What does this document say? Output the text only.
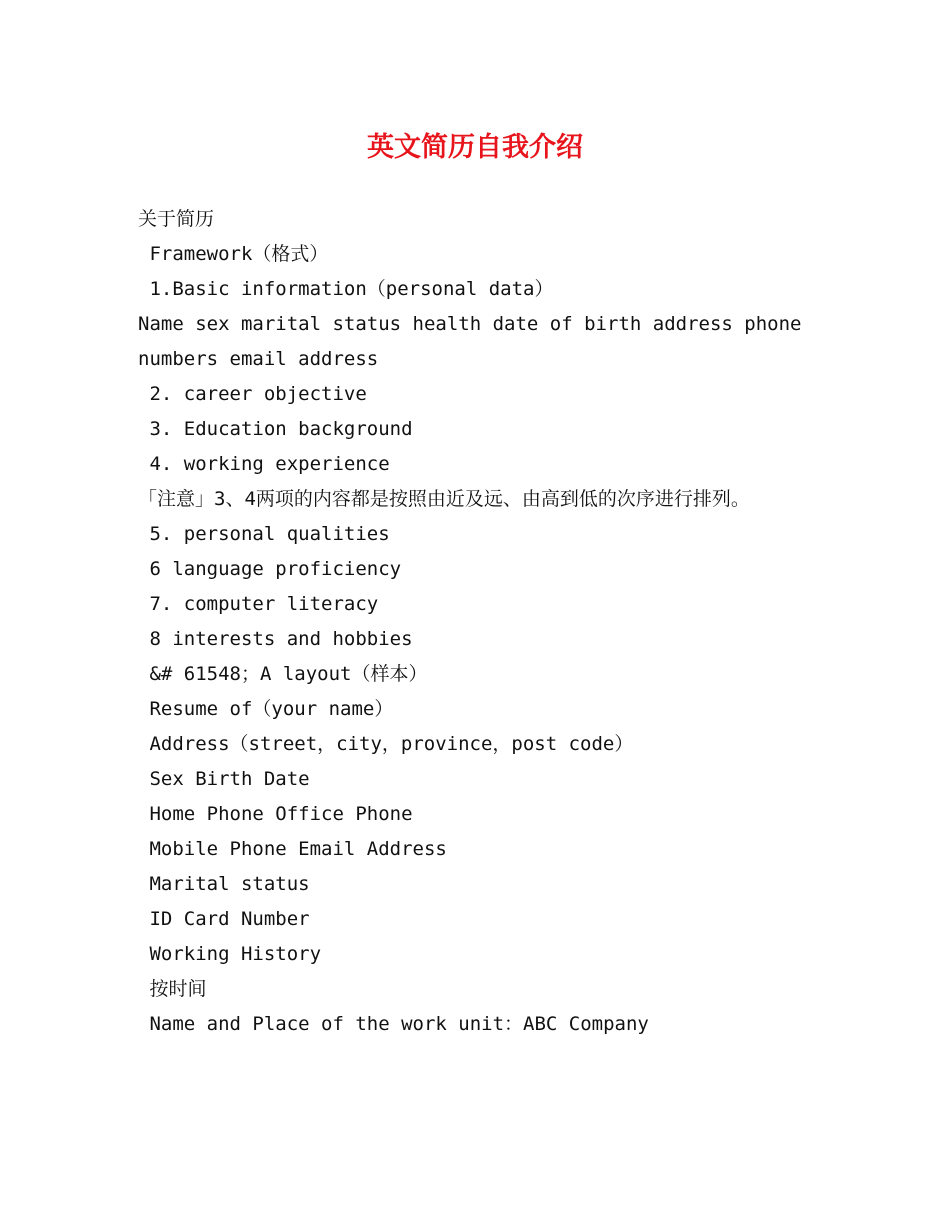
英文简历自我介绍
关于简历
Framework（格式）
1.Basic information（personal data）
Name sex marital status health date of birth address phone numbers email address
2. career objective
3. Education background
4. working experience
「注意」3、4两项的内容都是按照由近及远、由高到低的次序进行排列。
5. personal qualities
6 language proficiency
7. computer literacy
8 interests and hobbies
&# 61548；A layout（样本）
Resume of（your name）
Address（street，city，province，post code）
Sex Birth Date
Home Phone Office Phone
Mobile Phone Email Address
Marital status
ID Card Number
Working History
按时间
Name and Place of the work unit：ABC Company
